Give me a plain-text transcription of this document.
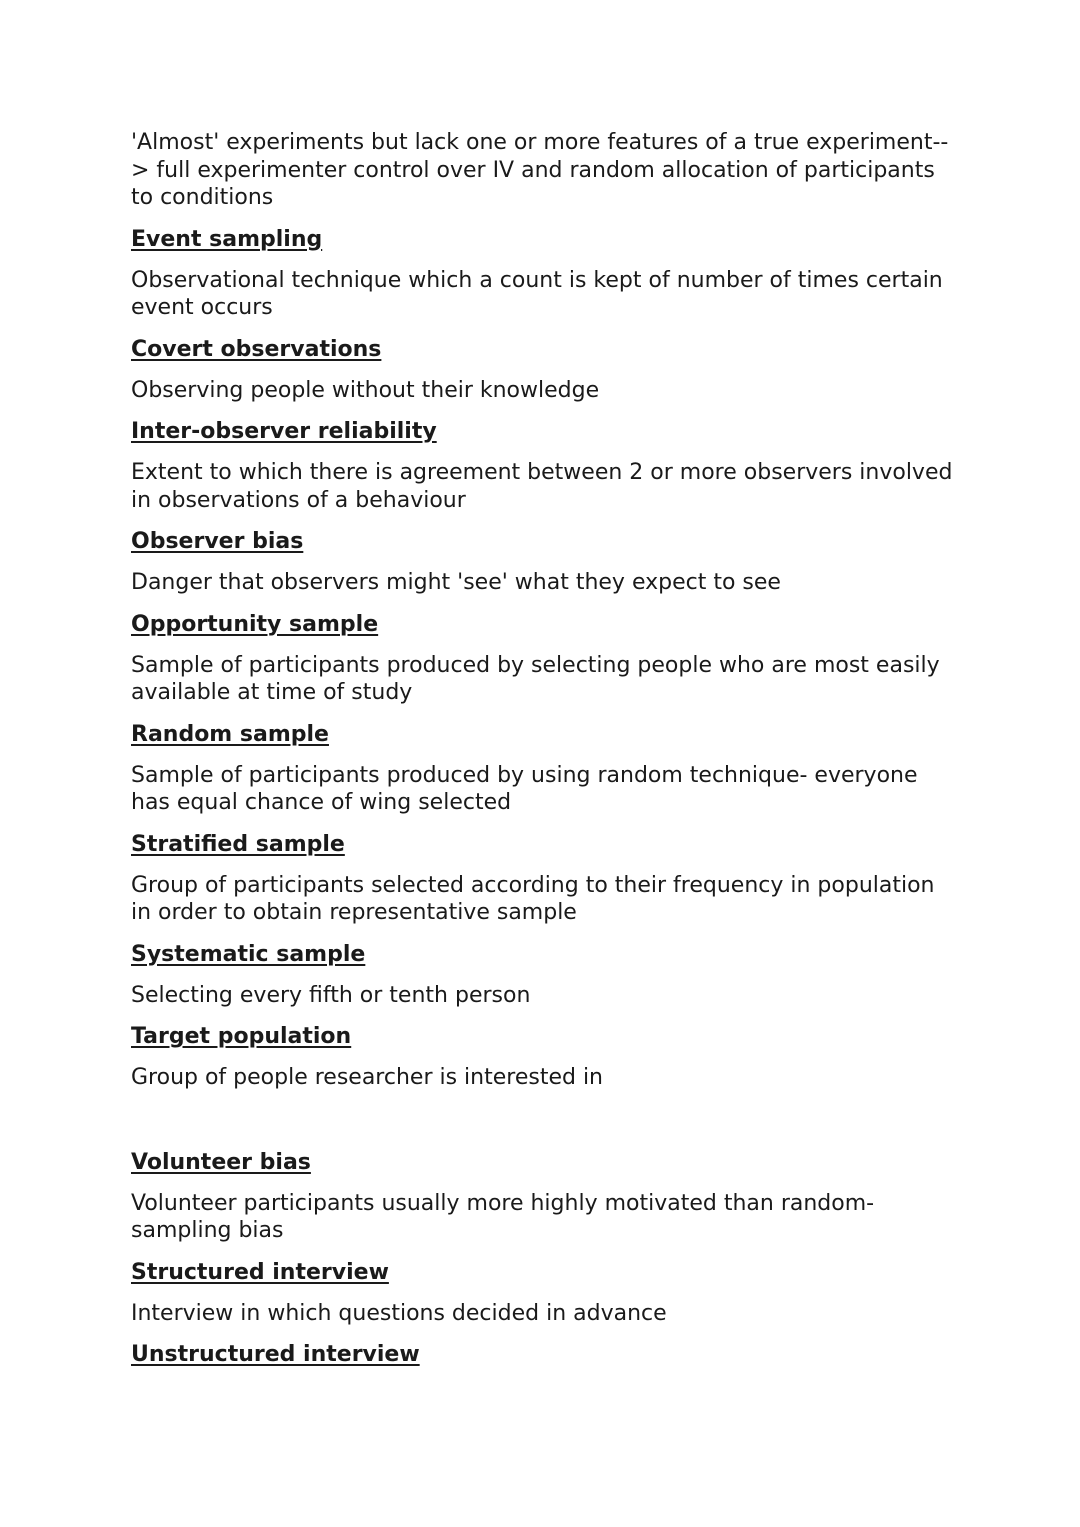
'Almost' experiments but lack one or more features of a true experiment--
> full experimenter control over IV and random allocation of participants
to conditions

Event sampling

Observational technique which a count is kept of number of times certain
event occurs

Covert observations

Observing people without their knowledge

Inter-observer reliability

Extent to which there is agreement between 2 or more observers involved
in observations of a behaviour

Observer bias

Danger that observers might 'see' what they expect to see

Opportunity sample

Sample of participants produced by selecting people who are most easily
available at time of study

Random sample

Sample of participants produced by using random technique- everyone
has equal chance of wing selected

Stratified sample

Group of participants selected according to their frequency in population
in order to obtain representative sample

Systematic sample

Selecting every fifth or tenth person

Target population

Group of people researcher is interested in

Volunteer bias

Volunteer participants usually more highly motivated than random-
sampling bias

Structured interview

Interview in which questions decided in advance

Unstructured interview
